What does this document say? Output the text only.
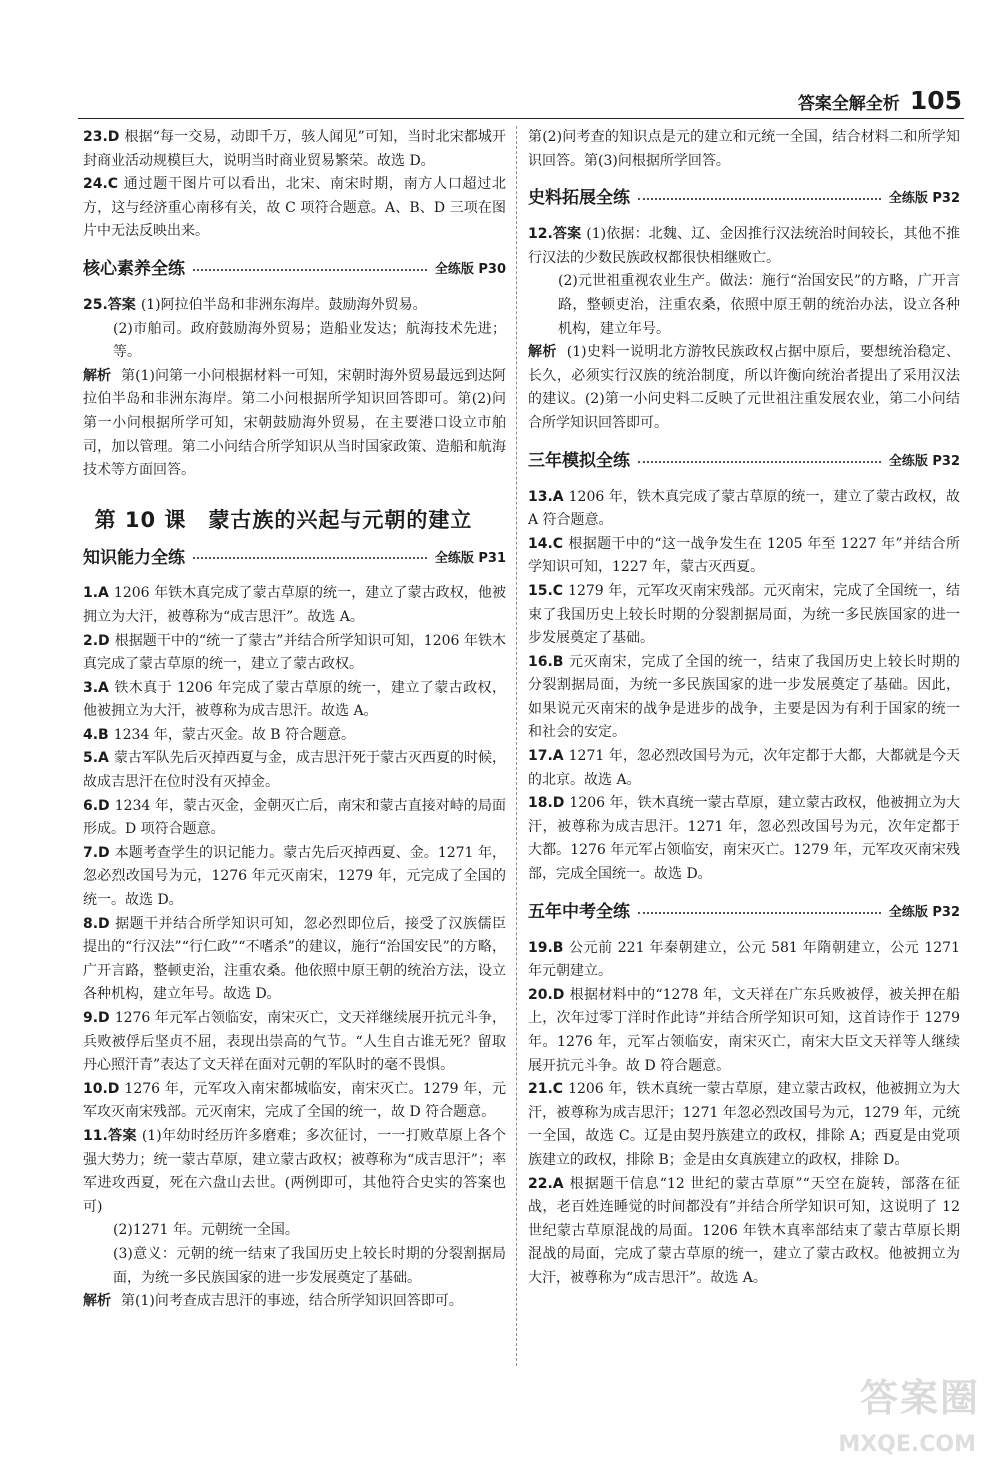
答案全解全析 105

23.D 根据“每一交易，动即千万，骇人闻见”可知，当时北宋都城开封商业活动规模巨大，说明当时商业贸易繁荣。故选 D。

24.C 通过题干图片可以看出，北宋、南宋时期，南方人口超过北方，这与经济重心南移有关，故 C 项符合题意。A、B、D 三项在图片中无法反映出来。

核心素养全练	全练版 P30

25.答案 (1)阿拉伯半岛和非洲东海岸。鼓励海外贸易。
(2)市舶司。政府鼓励海外贸易；造船业发达；航海技术先进；等。

解析 第(1)问第一小问根据材料一可知，宋朝时海外贸易最远到达阿拉伯半岛和非洲东海岸。第二小问根据所学知识回答即可。第(2)问第一小问根据所学可知，宋朝鼓励海外贸易，在主要港口设立市舶司，加以管理。第二小问结合所学知识从当时国家政策、造船和航海技术等方面回答。

第 10 课 蒙古族的兴起与元朝的建立
知识能力全练	全练版 P31

1.A 1206 年铁木真完成了蒙古草原的统一，建立了蒙古政权，他被拥立为大汗，被尊称为“成吉思汗”。故选 A。

2.D 根据题干中的“统一了蒙古”并结合所学知识可知，1206 年铁木真完成了蒙古草原的统一，建立了蒙古政权。

3.A 铁木真于 1206 年完成了蒙古草原的统一，建立了蒙古政权，他被拥立为大汗，被尊称为成吉思汗。故选 A。

4.B 1234 年，蒙古灭金。故 B 符合题意。

5.A 蒙古军队先后灭掉西夏与金，成吉思汗死于蒙古灭西夏的时候，故成吉思汗在位时没有灭掉金。

6.D 1234 年，蒙古灭金，金朝灭亡后，南宋和蒙古直接对峙的局面形成。D 项符合题意。

7.D 本题考查学生的识记能力。蒙古先后灭掉西夏、金。1271 年，忽必烈改国号为元，1276 年元灭南宋，1279 年，元完成了全国的统一。故选 D。

8.D 据题干并结合所学知识可知，忽必烈即位后，接受了汉族儒臣提出的“行汉法”“行仁政”“不嗜杀”的建议，施行“治国安民”的方略，广开言路，整顿吏治，注重农桑。他依照中原王朝的统治方法，设立各种机构，建立年号。故选 D。

9.D 1276 年元军占领临安，南宋灭亡，文天祥继续展开抗元斗争，兵败被俘后坚贞不屈，表现出崇高的气节。“人生自古谁无死？留取丹心照汗青”表达了文天祥在面对元朝的军队时的毫不畏惧。

10.D 1276 年，元军攻入南宋都城临安，南宋灭亡。1279 年，元军攻灭南宋残部。元灭南宋，完成了全国的统一，故 D 符合题意。

11.答案 (1)年幼时经历许多磨难；多次征讨，一一打败草原上各个强大势力；统一蒙古草原，建立蒙古政权；被尊称为“成吉思汗”；率军进攻西夏，死在六盘山去世。(两例即可，其他符合史实的答案也可)
(2)1271 年。元朝统一全国。
(3)意义：元朝的统一结束了我国历史上较长时期的分裂割据局面，为统一多民族国家的进一步发展奠定了基础。

解析 第(1)问考查成吉思汗的事迹，结合所学知识回答即可。

第(2)问考查的知识点是元的建立和元统一全国，结合材料二和所学知识回答。第(3)问根据所学回答。

史料拓展全练	全练版 P32

12.答案 (1)依据：北魏、辽、金因推行汉法统治时间较长，其他不推行汉法的少数民族政权都很快相继败亡。
(2)元世祖重视农业生产。做法：施行“治国安民”的方略，广开言路，整顿吏治，注重农桑，依照中原王朝的统治办法，设立各种机构，建立年号。

解析 (1)史料一说明北方游牧民族政权占据中原后，要想统治稳定、长久，必须实行汉族的统治制度，所以许衡向统治者提出了采用汉法的建议。(2)第一小问史料二反映了元世祖注重发展农业，第二小问结合所学知识回答即可。

三年模拟全练	全练版 P32

13.A 1206 年，铁木真完成了蒙古草原的统一，建立了蒙古政权，故 A 符合题意。

14.C 根据题干中的“这一战争发生在 1205 年至 1227 年”并结合所学知识可知，1227 年，蒙古灭西夏。

15.C 1279 年，元军攻灭南宋残部。元灭南宋，完成了全国统一，结束了我国历史上较长时期的分裂割据局面，为统一多民族国家的进一步发展奠定了基础。

16.B 元灭南宋，完成了全国的统一，结束了我国历史上较长时期的分裂割据局面，为统一多民族国家的进一步发展奠定了基础。因此，如果说元灭南宋的战争是进步的战争，主要是因为有利于国家的统一和社会的安定。

17.A 1271 年，忽必烈改国号为元，次年定都于大都，大都就是今天的北京。故选 A。

18.D 1206 年，铁木真统一蒙古草原，建立蒙古政权，他被拥立为大汗，被尊称为成吉思汗。1271 年，忽必烈改国号为元，次年定都于大都。1276 年元军占领临安，南宋灭亡。1279 年，元军攻灭南宋残部，完成全国统一。故选 D。

五年中考全练	全练版 P32

19.B 公元前 221 年秦朝建立，公元 581 年隋朝建立，公元 1271 年元朝建立。

20.D 根据材料中的“1278 年，文天祥在广东兵败被俘，被关押在船上，次年过零丁洋时作此诗”并结合所学知识可知，这首诗作于 1279 年。1276 年，元军占领临安，南宋灭亡，南宋大臣文天祥等人继续展开抗元斗争。故 D 符合题意。

21.C 1206 年，铁木真统一蒙古草原，建立蒙古政权，他被拥立为大汗，被尊称为成吉思汗；1271 年忽必烈改国号为元，1279 年，元统一全国，故选 C。辽是由契丹族建立的政权，排除 A；西夏是由党项族建立的政权，排除 B；金是由女真族建立的政权，排除 D。

22.A 根据题干信息“12 世纪的蒙古草原”“天空在旋转，部落在征战，老百姓连睡觉的时间都没有”并结合所学知识可知，这说明了 12 世纪蒙古草原混战的局面。1206 年铁木真率部结束了蒙古草原长期混战的局面，完成了蒙古草原的统一，建立了蒙古政权。他被拥立为大汗，被尊称为“成吉思汗”。故选 A。

答案圈
MXQE.COM
